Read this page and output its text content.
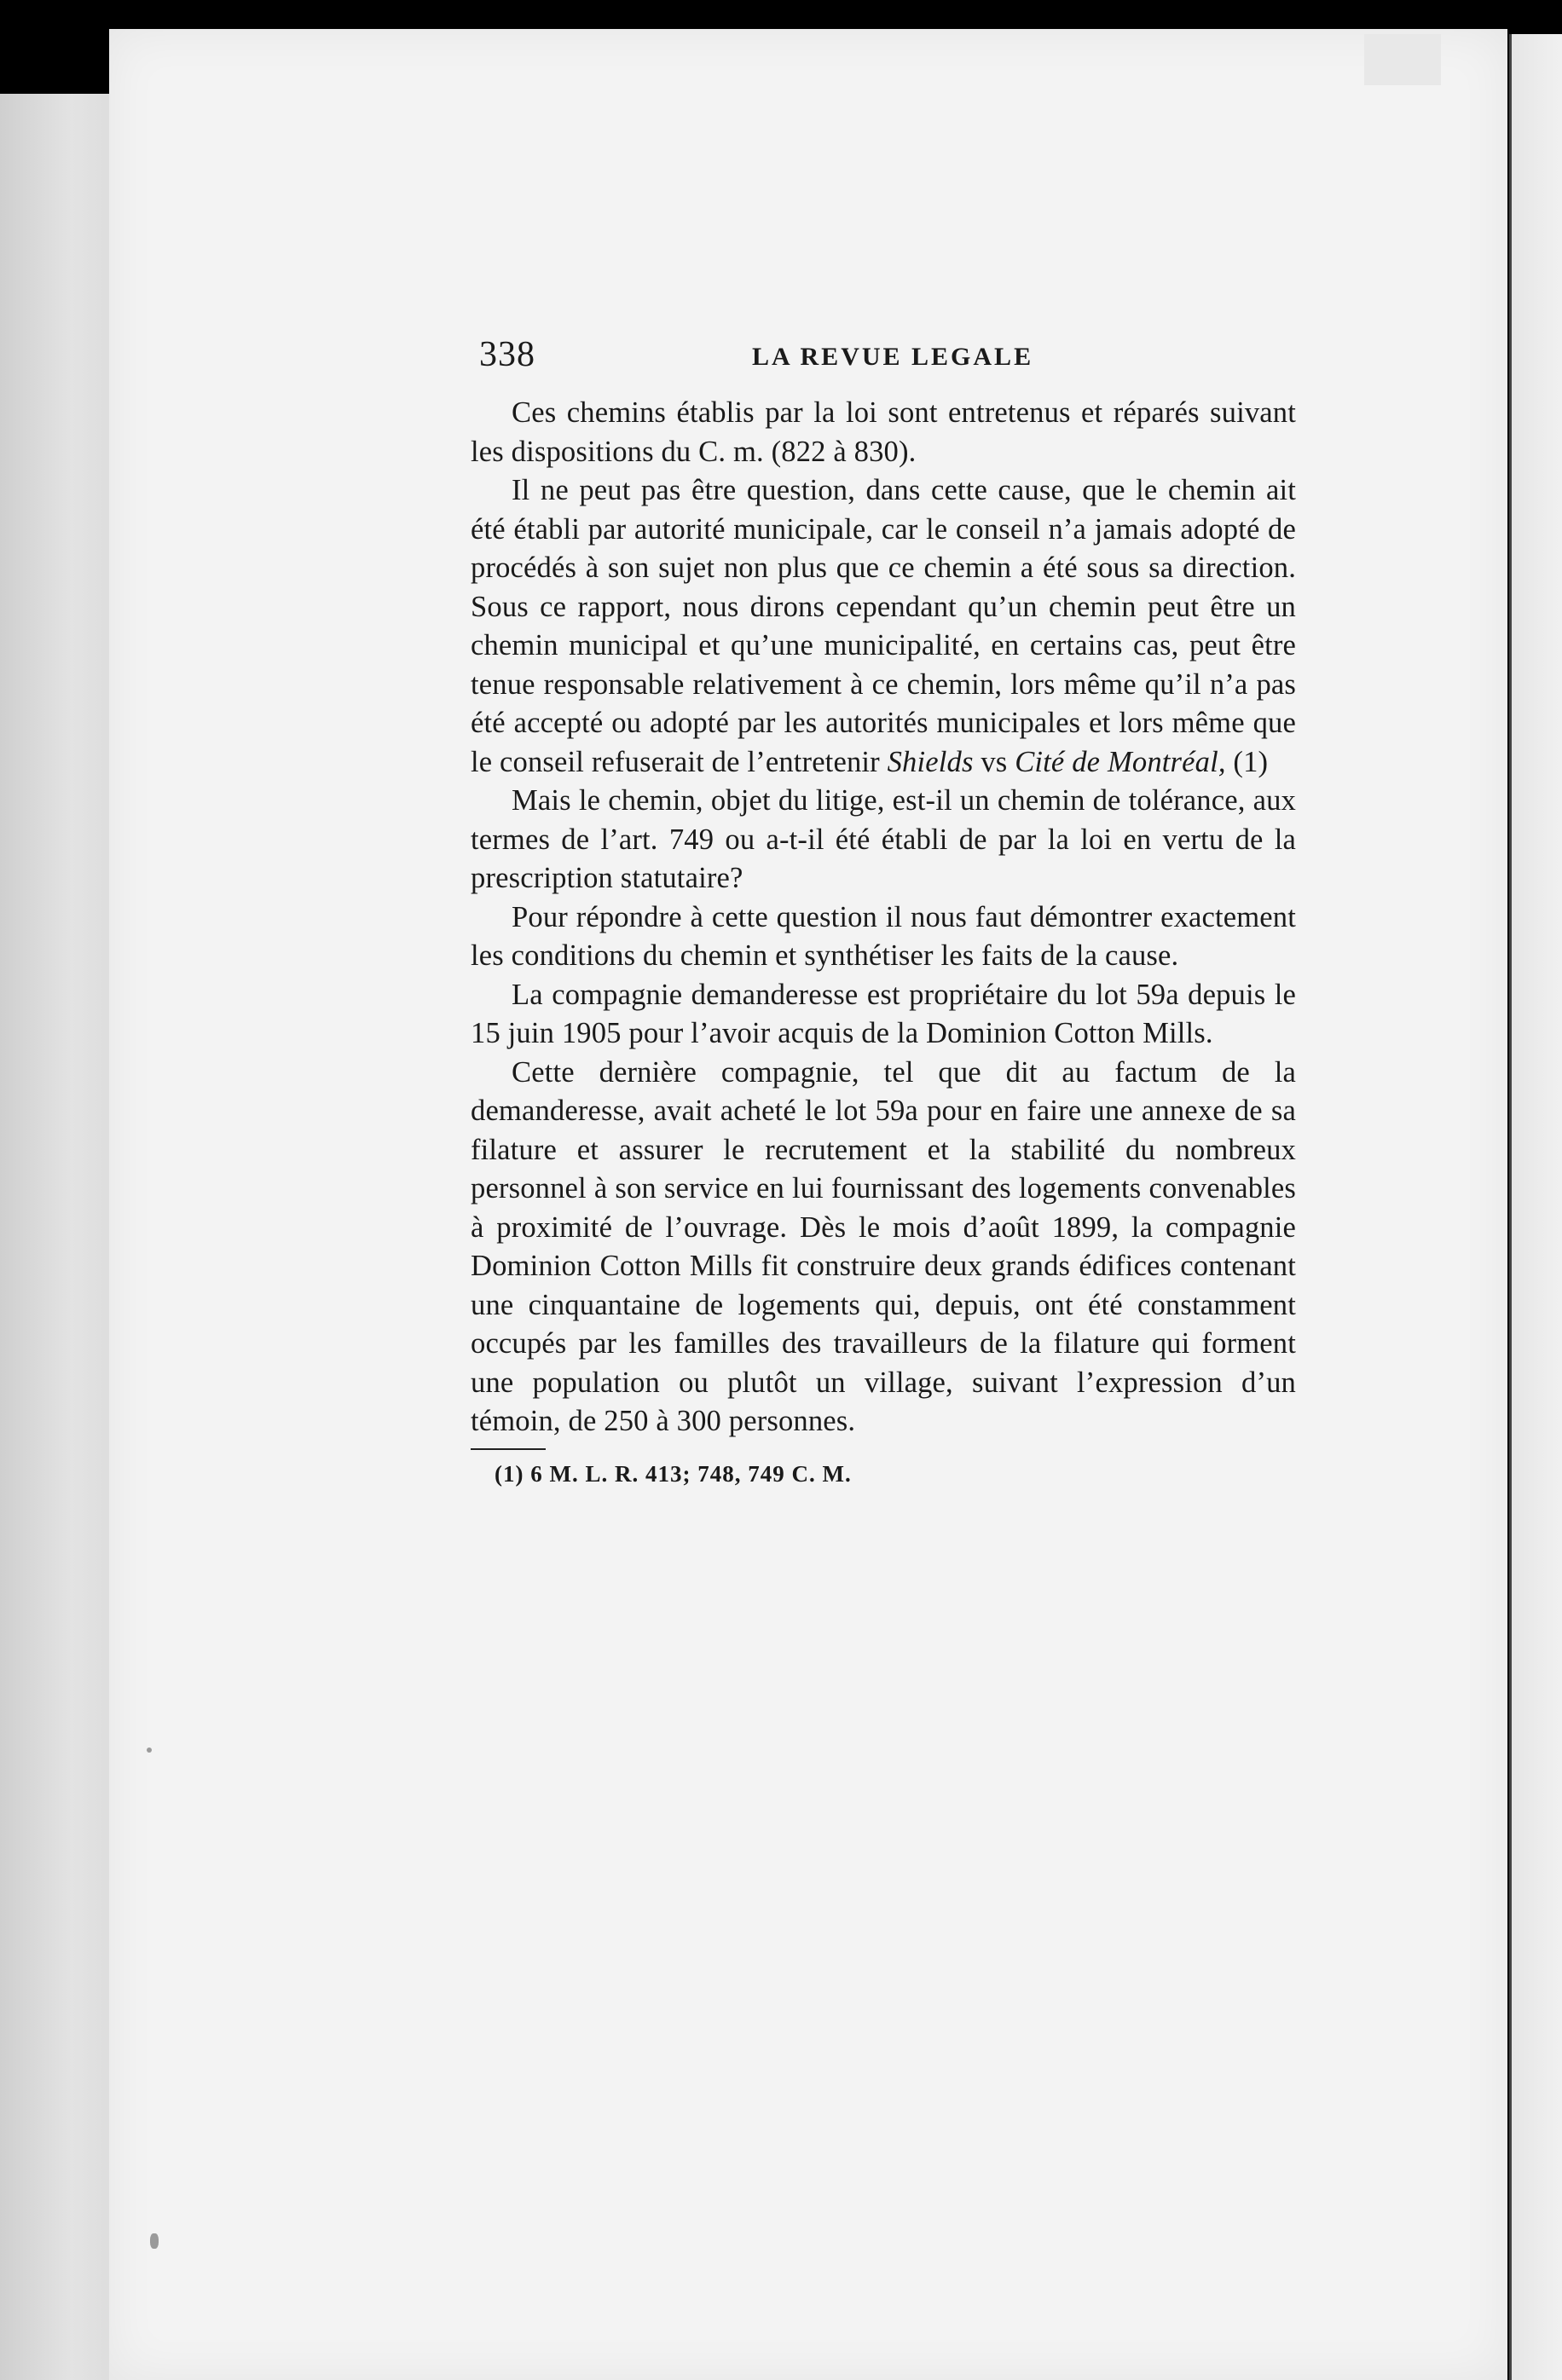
338	LA REVUE LEGALE

Ces chemins établis par la loi sont entretenus et réparés suivant les dispositions du C. m. (822 à 830).

Il ne peut pas être question, dans cette cause, que le chemin ait été établi par autorité municipale, car le conseil n’a jamais adopté de procédés à son sujet non plus que ce chemin a été sous sa direction. Sous ce rapport, nous dirons cependant qu’un chemin peut être un chemin municipal et qu’une municipalité, en certains cas, peut être tenue responsable relativement à ce chemin, lors même qu’il n’a pas été accepté ou adopté par les autorités municipales et lors même que le conseil refuserait de l’entretenir Shields vs Cité de Montréal, (1)

Mais le chemin, objet du litige, est-il un chemin de tolérance, aux termes de l’art. 749 ou a-t-il été établi de par la loi en vertu de la prescription statutaire?

Pour répondre à cette question il nous faut démontrer exactement les conditions du chemin et synthétiser les faits de la cause.

La compagnie demanderesse est propriétaire du lot 59a depuis le 15 juin 1905 pour l’avoir acquis de la Dominion Cotton Mills.

Cette dernière compagnie, tel que dit au factum de la demanderesse, avait acheté le lot 59a pour en faire une annexe de sa filature et assurer le recrutement et la stabilité du nombreux personnel à son service en lui fournissant des logements convenables à proximité de l’ouvrage. Dès le mois d’août 1899, la compagnie Dominion Cotton Mills fit construire deux grands édifices contenant une cinquantaine de logements qui, depuis, ont été constamment occupés par les familles des travailleurs de la filature qui forment une population ou plutôt un village, suivant l’expression d’un témoin, de 250 à 300 personnes.

(1) 6 M. L. R. 413; 748, 749 C. M.
